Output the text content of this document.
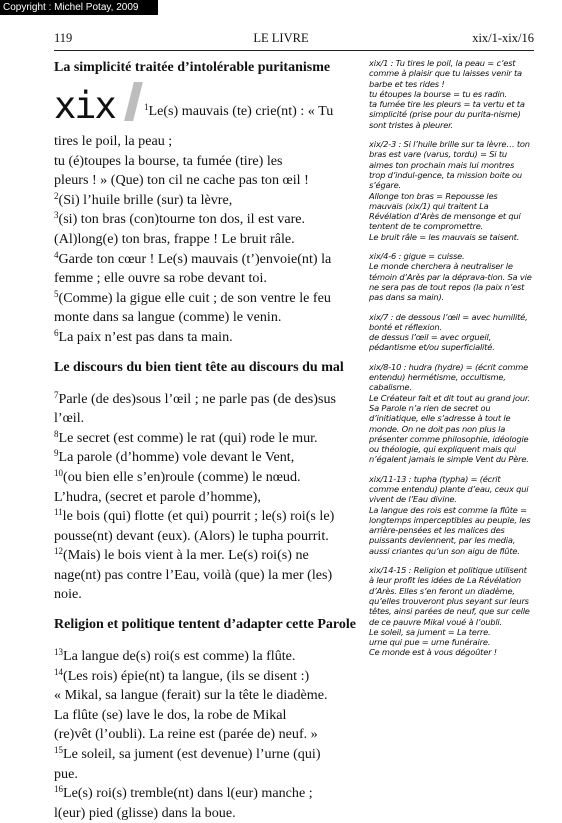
Copyright : Michel Potay, 2009
119	LE LIVRE	xix/1-xix/16
La simplicité traitée d’intolérable puritanisme
xix	$^1$Le(s) mauvais (te) crie(nt) : « Tu

tires le poil, la peau ;

tu (é)toupes la bourse, ta fumée (tire) les

pleurs ! » (Que) ton cil ne cache pas ton œil !

$^2$(Si) l’huile brille (sur) ta lèvre,

$^3$(si) ton bras (con)tourne ton dos, il est vare.

(Al)long(e) ton bras, frappe ! Le bruit râle.

$^4$Garde ton cœur ! Le(s) mauvais (t’)envoie(nt) la

femme ; elle ouvre sa robe devant toi.

$^5$(Comme) la gigue elle cuit ; de son ventre le feu

monte dans sa langue (comme) le venin.

$^6$La paix n’est pas dans ta main.

Le discours du bien tient tête au discours du mal

$^7$Parle (de des)sous l’œil ; ne parle pas (de des)sus

l’œil.

$^8$Le secret (est comme) le rat (qui) rode le mur.

$^9$La parole (d’homme) vole devant le Vent,

$^{10}$(ou bien elle s’en)roule (comme) le nœud.

L’hudra, (secret et parole d’homme),

$^{11}$le bois (qui) flotte (et qui) pourrit ; le(s) roi(s le)

pousse(nt) devant (eux). (Alors) le tupha pourrit.

$^{12}$(Mais) le bois vient à la mer. Le(s) roi(s) ne

nage(nt) pas contre l’Eau, voilà (que) la mer (les)

noie.

Religion et politique tentent d’adapter cette Parole

$^{13}$La langue de(s) roi(s est comme) la flûte.

$^{14}$(Les rois) épie(nt) ta langue, (ils se disent :)

« Mikal, sa langue (ferait) sur la tête le diadème.

La flûte (se) lave le dos, la robe de Mikal

(re)vêt (l’oubli). La reine est (parée de) neuf. »

$^{15}$Le soleil, sa jument (est devenue) l’urne (qui)

pue.

$^{16}$Le(s) roi(s) tremble(nt) dans l(eur) manche ;

l(eur) pied (glisse) dans la boue.

xix/1 : Tu tires le poil, la peau = c’est comme à plaisir que tu laisses venir ta barbe et tes rides !
tu étoupes la bourse = tu es radin.
ta fumée tire les pleurs = ta vertu et ta simplicité (prise pour du purita-nisme) sont tristes à pleurer.

xix/2-3 : Si l’huile brille sur ta lèvre… ton bras est vare (varus, tordu) = Si tu aimes ton prochain mais lui montres trop d’indul-gence, ta mission boite ou s’égare.
Allonge ton bras = Repousse les mauvais (xix/1) qui traitent La Révélation d’Arès de mensonge et qui tentent de te compromettre.
Le bruit râle = les mauvais se taisent.

xix/4-6 : gigue = cuisse.
Le monde cherchera à neutraliser le témoin d’Arès par la déprava-tion. Sa vie ne sera pas de tout repos (la paix n’est pas dans sa main).

xix/7 : de dessous l’œil = avec humilité, bonté et réflexion.
de dessus l’œil = avec orgueil, pédantisme et/ou superficialité.

xix/8-10 : hudra (hydre) = (écrit comme entendu) hermétisme, occultisme, cabalisme.
Le Créateur fait et dit tout au grand jour. Sa Parole n’a rien de secret ou d’initiatique, elle s’adresse à tout le monde. On ne doit pas non plus la présenter comme philosophie, idéologie ou théologie, qui expliquent mais qui n’égalent jamais le simple Vent du Père.

xix/11-13 : tupha (typha) = (écrit comme entendu) plante d’eau, ceux qui vivent de l’Eau divine.
La langue des rois est comme la flûte = longtemps imperceptibles au peuple, les arrière-pensées et les malices des puissants deviennent, par les media, aussi criantes qu’un son aigu de flûte.

xix/14-15 : Religion et politique utilisent à leur profit les idées de La Révélation d’Arès. Elles s’en feront un diadème, qu’elles trouveront plus seyant sur leurs têtes, ainsi parées de neuf, que sur celle de ce pauvre Mikal voué à l’oubli.
Le soleil, sa jument = La terre.
urne qui pue = urne funéraire.
Ce monde est à vous dégoûter !
